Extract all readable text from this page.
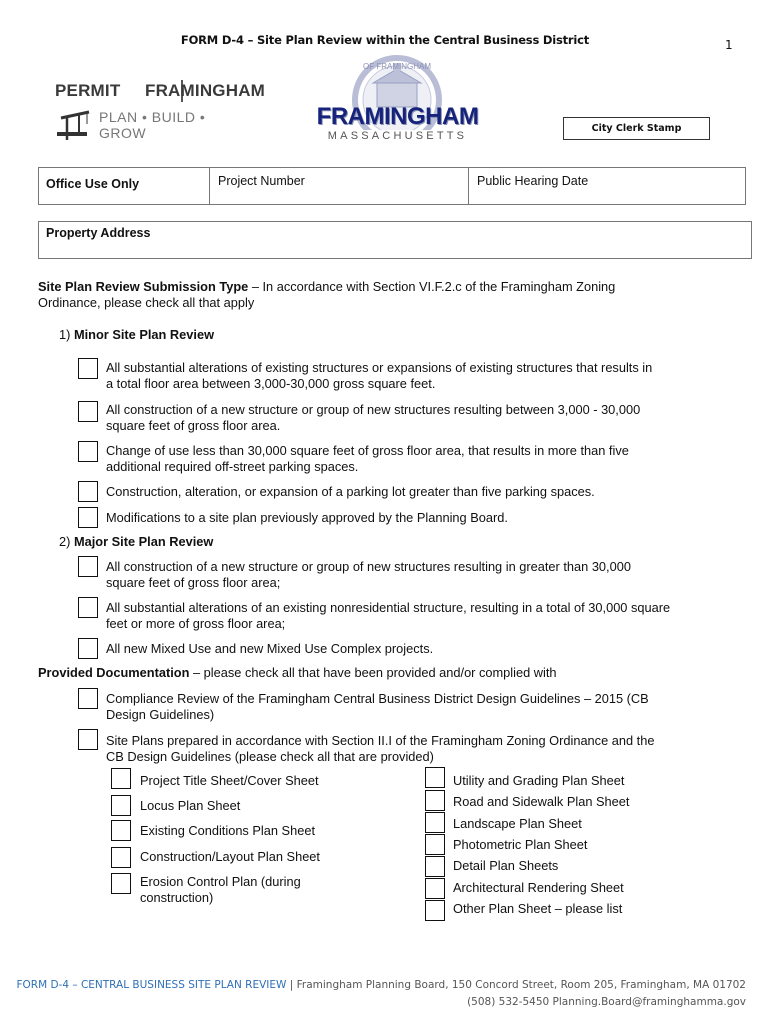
FORM D-4 – Site Plan Review within the Central Business District	1
PERMIT FRAMINGHAM
PLAN • BUILD • GROW
OF FRAMINGHAM
FRAMINGHAM
MASSACHUSETTS
City Clerk Stamp
Office Use Only	Project Number	Public Hearing Date
Property Address
Site Plan Review Submission Type – In accordance with Section VI.F.2.c of the Framingham Zoning
Ordinance, please check all that apply
1) Minor Site Plan Review
All substantial alterations of existing structures or expansions of existing structures that results in
a total floor area between 3,000-30,000 gross square feet.
All construction of a new structure or group of new structures resulting between 3,000 - 30,000
square feet of gross floor area.
Change of use less than 30,000 square feet of gross floor area, that results in more than five
additional required off-street parking spaces.
Construction, alteration, or expansion of a parking lot greater than five parking spaces.
Modifications to a site plan previously approved by the Planning Board.
2) Major Site Plan Review
All construction of a new structure or group of new structures resulting in greater than 30,000
square feet of gross floor area;
All substantial alterations of an existing nonresidential structure, resulting in a total of 30,000 square
feet or more of gross floor area;
All new Mixed Use and new Mixed Use Complex projects.
Provided Documentation – please check all that have been provided and/or complied with
Compliance Review of the Framingham Central Business District Design Guidelines – 2015 (CB
Design Guidelines)
Site Plans prepared in accordance with Section II.I of the Framingham Zoning Ordinance and the
CB Design Guidelines (please check all that are provided)
Project Title Sheet/Cover Sheet
Locus Plan Sheet
Existing Conditions Plan Sheet
Construction/Layout Plan Sheet
Erosion Control Plan (during
construction)
Utility and Grading Plan Sheet
Road and Sidewalk Plan Sheet
Landscape Plan Sheet
Photometric Plan Sheet
Detail Plan Sheets
Architectural Rendering Sheet
Other Plan Sheet – please list
FORM D-4 – CENTRAL BUSINESS SITE PLAN REVIEW | Framingham Planning Board, 150 Concord Street, Room 205, Framingham, MA 01702
(508) 532-5450 Planning.Board@framinghamma.gov
